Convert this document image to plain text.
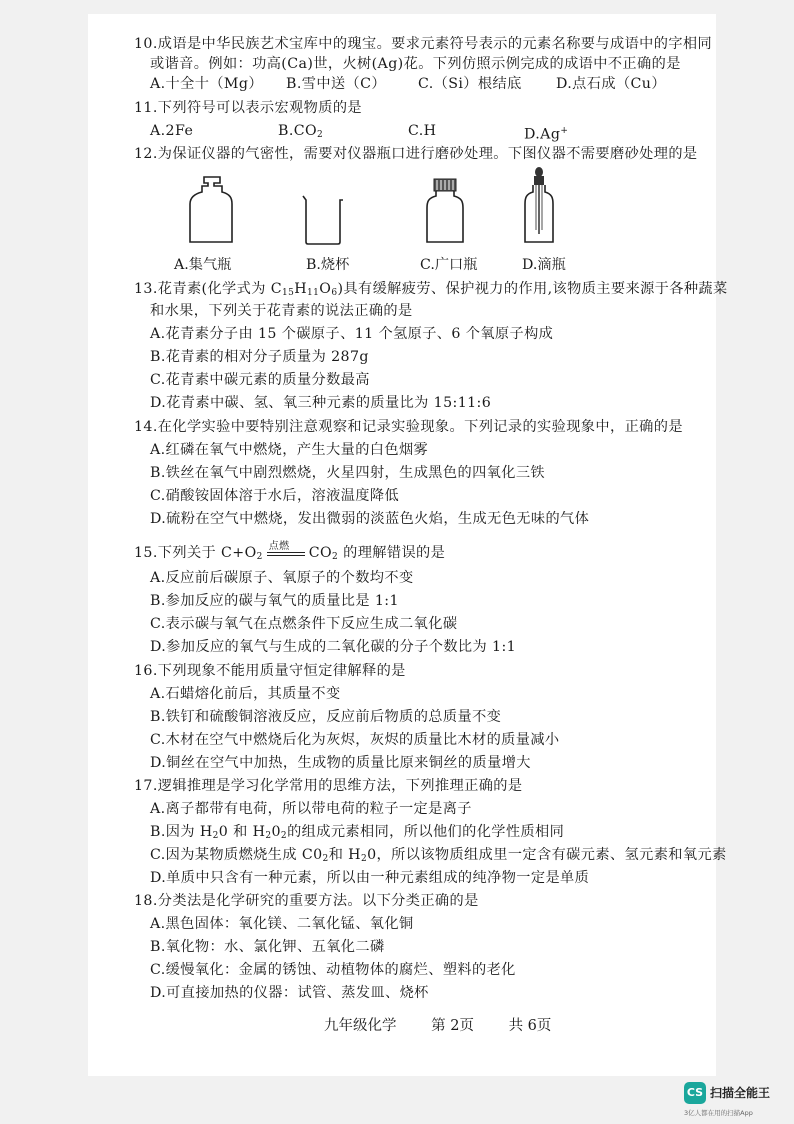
10.成语是中华民族艺术宝库中的瑰宝。要求元素符号表示的元素名称要与成语中的字相同
或谐音。例如：功高(Ca)世，火树(Ag)花。下列仿照示例完成的成语中不正确的是
A.十全十（Mg） B.雪中送（C） C.（Si）根结底 D.点石成（Cu）
11.下列符号可以表示宏观物质的是
A.2Fe	$B.CO_2$	C.H	D.Ag+
12.为保证仪器的气密性，需要对仪器瓶口进行磨砂处理。下图仪器不需要磨砂处理的是
A.集气瓶	B.烧杯	C.广口瓶	D.滴瓶
13.花青素(化学式为 $C_{15}H_{11}O_6$)具有缓解疲劳、保护视力的作用,该物质主要来源于各种蔬菜
和水果，下列关于花青素的说法正确的是
A.花青素分子由 15 个碳原子、11 个氢原子、6 个氧原子构成
B.花青素的相对分子质量为 287g
C.花青素中碳元素的质量分数最高
D.花青素中碳、氢、氧三种元素的质量比为 15:11:6
14.在化学实验中要特别注意观察和记录实验现象。下列记录的实验现象中，正确的是
A.红磷在氧气中燃烧，产生大量的白色烟雾
B.铁丝在氧气中剧烈燃烧，火星四射，生成黑色的四氧化三铁
C.硝酸铵固体溶于水后，溶液温度降低
D.硫粉在空气中燃烧，发出微弱的淡蓝色火焰，生成无色无味的气体
15.下列关于 $C+O_2$
点燃 $CO_2$ 的理解错误的是
A.反应前后碳原子、氧原子的个数均不变
B.参加反应的碳与氧气的质量比是 1:1
C.表示碳与氧气在点燃条件下反应生成二氧化碳
D.参加反应的氧气与生成的二氧化碳的分子个数比为 1:1
16.下列现象不能用质量守恒定律解释的是
A.石蜡熔化前后，其质量不变
B.铁钉和硫酸铜溶液反应，反应前后物质的总质量不变
C.木材在空气中燃烧后化为灰烬，灰烬的质量比木材的质量减小
D.铜丝在空气中加热，生成物的质量比原来铜丝的质量增大
17.逻辑推理是学习化学常用的思维方法，下列推理正确的是
A.离子都带有电荷，所以带电荷的粒子一定是离子
B.因为 $H_20$ 和 $H_20_2$的组成元素相同，所以他们的化学性质相同
C.因为某物质燃烧生成 $C0_2$和 $H_20$，所以该物质组成里一定含有碳元素、氢元素和氧元素
D.单质中只含有一种元素，所以由一种元素组成的纯净物一定是单质
18.分类法是化学研究的重要方法。以下分类正确的是
A.黑色固体：氧化镁、二氧化锰、氧化铜
B.氧化物：水、氯化钾、五氧化二磷
C.缓慢氧化：金属的锈蚀、动植物体的腐烂、塑料的老化
D.可直接加热的仪器：试管、蒸发皿、烧杯
九年级化学 第 2页 共 6页
CS 扫描全能王
3亿人都在用的扫描App
